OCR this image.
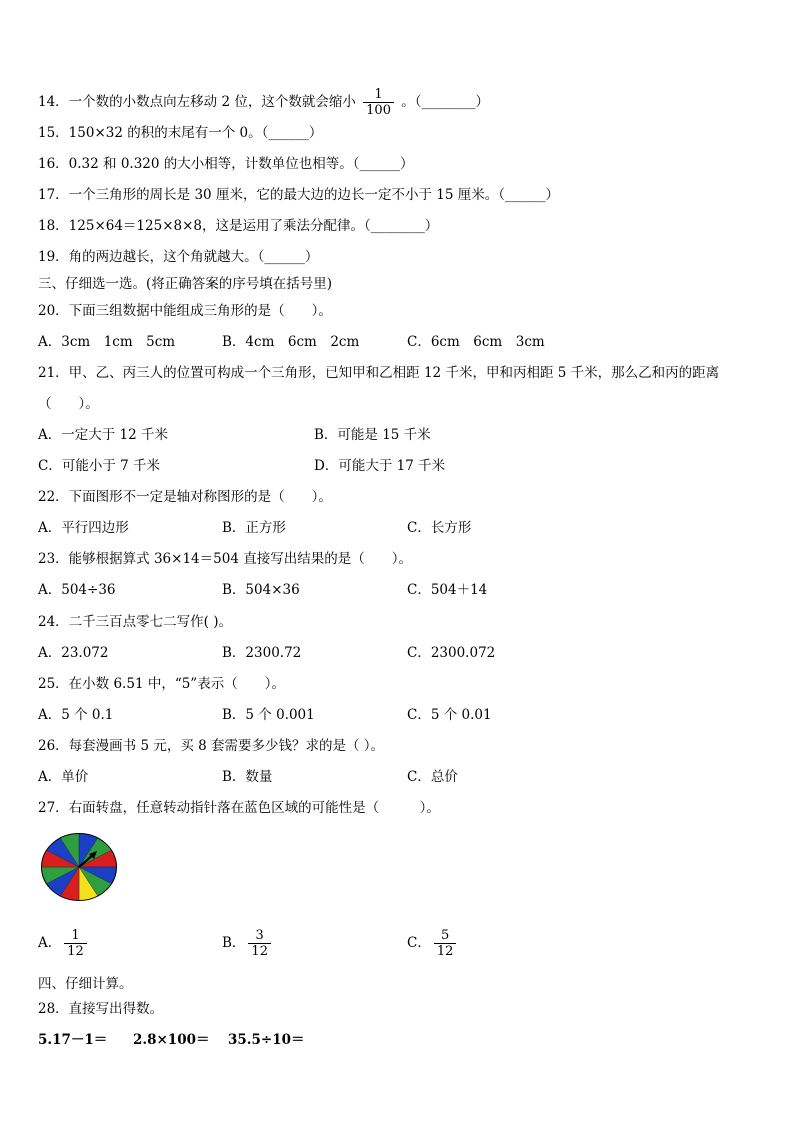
14．一个数的小数点向左移动 2 位，这个数就会缩小 $\frac{1}{100}$ 。（________）
15．150×32 的积的末尾有一个 0。（______）
16．0.32 和 0.320 的大小相等，计数单位也相等。（______）
17．一个三角形的周长是 30 厘米，它的最大边的边长一定不小于 15 厘米。（______）
18．125×64＝125×8×8，这是运用了乘法分配律。（________）
19．角的两边越长，这个角就越大。（______）
三、仔细选一选。(将正确答案的序号填在括号里)
20．下面三组数据中能组成三角形的是（　　）。
A．3cm　1cm　5cm	B．4cm　6cm　2cm	C．6cm　6cm　3cm
21．甲、乙、丙三人的位置可构成一个三角形，已知甲和乙相距 12 千米，甲和丙相距 5 千米，那么乙和丙的距离
（　　）。
A．一定大于 12 千米	B．可能是 15 千米
C．可能小于 7 千米	D．可能大于 17 千米
22．下面图形不一定是轴对称图形的是（　　）。
A．平行四边形	B．正方形	C．长方形
23．能够根据算式 36×14＝504 直接写出结果的是（　　）。
A．504÷36	B．504×36	C．504＋14
24．二千三百点零七二写作( )。
A．23.072	B．2300.72	C．2300.072
25．在小数 6.51 中，“5”表示（　　）。
A．5 个 0.1	B．5 个 0.001	C．5 个 0.01
26．每套漫画书 5 元，买 8 套需要多少钱？求的是（ ）。
A．单价	B．数量	C．总价
27．右面转盘，任意转动指针落在蓝色区域的可能性是（　　　）。
A． $\frac{1}{12}$	B． $\frac{3}{12}$	C． $\frac{5}{12}$
四、仔细计算。
28．直接写出得数。
5.17－1＝ 2.8×100＝ 35.5÷10＝
